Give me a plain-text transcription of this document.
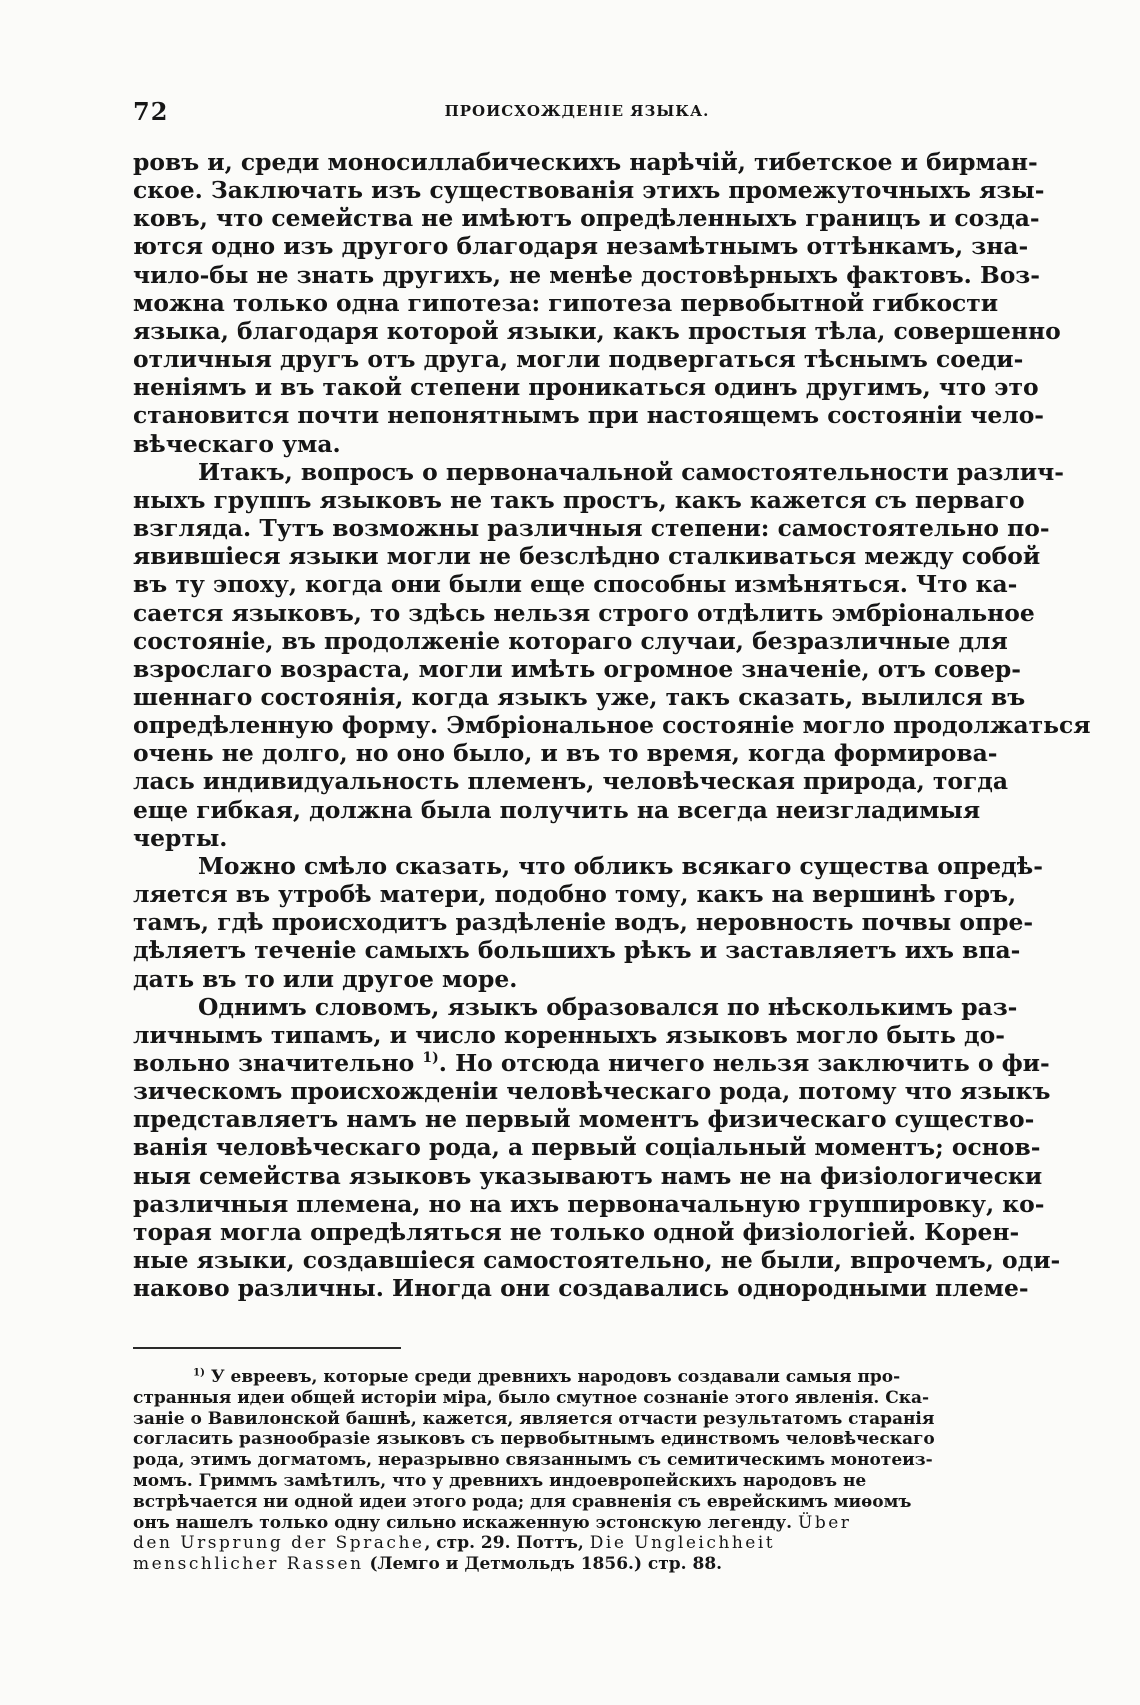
72	ПРОИСХОЖДЕНІЕ ЯЗЫКА.

ровъ и, среди моносиллабическихъ нарѣчій, тибетское и бирман-
ское. Заключать изъ существованія этихъ промежуточныхъ язы-
ковъ, что семейства не имѣютъ опредѣленныхъ границъ и созда-
ются одно изъ другого благодаря незамѣтнымъ оттѣнкамъ, зна-
чило-бы не знать другихъ, не менѣе достовѣрныхъ фактовъ. Воз-
можна только одна гипотеза: гипотеза первобытной гибкости
языка, благодаря которой языки, какъ простыя тѣла, совершенно
отличныя другъ отъ друга, могли подвергаться тѣснымъ соеди-
неніямъ и въ такой степени проникаться одинъ другимъ, что это
становится почти непонятнымъ при настоящемъ состояніи чело-
вѣческаго ума.

Итакъ, вопросъ о первоначальной самостоятельности различ-
ныхъ группъ языковъ не такъ простъ, какъ кажется съ перваго
взгляда. Тутъ возможны различныя степени: самостоятельно по-
явившіеся языки могли не безслѣдно сталкиваться между собой
въ ту эпоху, когда они были еще способны измѣняться. Что ка-
сается языковъ, то здѣсь нельзя строго отдѣлить эмбріональное
состояніе, въ продолженіе котораго случаи, безразличные для
взрослаго возраста, могли имѣть огромное значеніе, отъ совер-
шеннаго состоянія, когда языкъ уже, такъ сказать, вылился въ
опредѣленную форму. Эмбріональное состояніе могло продолжаться
очень не долго, но оно было, и въ то время, когда формирова-
лась индивидуальность племенъ, человѣческая природа, тогда
еще гибкая, должна была получить на всегда неизгладимыя
черты.

Можно смѣло сказать, что обликъ всякаго существа опредѣ-
ляется въ утробѣ матери, подобно тому, какъ на вершинѣ горъ,
тамъ, гдѣ происходитъ раздѣленіе водъ, неровность почвы опре-
дѣляетъ теченіе самыхъ большихъ рѣкъ и заставляетъ ихъ впа-
дать въ то или другое море.

Однимъ словомъ, языкъ образовался по нѣсколькимъ раз-
личнымъ типамъ, и число коренныхъ языковъ могло быть до-
вольно значительно $^{1)}$. Но отсюда ничего нельзя заключить о фи-
зическомъ происхожденіи человѣческаго рода, потому что языкъ
представляетъ намъ не первый моментъ физическаго существо-
ванія человѣческаго рода, а первый соціальный моментъ; основ-
ныя семейства языковъ указываютъ намъ не на физіологически
различныя племена, но на ихъ первоначальную группировку, ко-
торая могла опредѣляться не только одной физіологіей. Корен-
ные языки, создавшіеся самостоятельно, не были, впрочемъ, оди-
наково различны. Иногда они создавались однородными племе-

$^{1)}$ У евреевъ, которые среди древнихъ народовъ создавали самыя про-
странныя идеи общей исторіи міра, было смутное сознаніе этого явленія. Ска-
заніе о Вавилонской башнѣ, кажется, является отчасти результатомъ старанія
согласить разнообразіе языковъ съ первобытнымъ единствомъ человѣческаго
рода, этимъ догматомъ, неразрывно связаннымъ съ семитическимъ монотеиз-
момъ. Гриммъ замѣтилъ, что у древнихъ индоевропейскихъ народовъ не
встрѣчается ни одной идеи этого рода; для сравненія съ еврейскимъ миѳомъ
онъ нашелъ только одну сильно искаженную эстонскую легенду. Über
den Ursprung der Sprache, стр. 29. Поттъ, Die Ungleichheit
menschlicher Rassen (Лемго и Детмольдъ 1856.) стр. 88.
